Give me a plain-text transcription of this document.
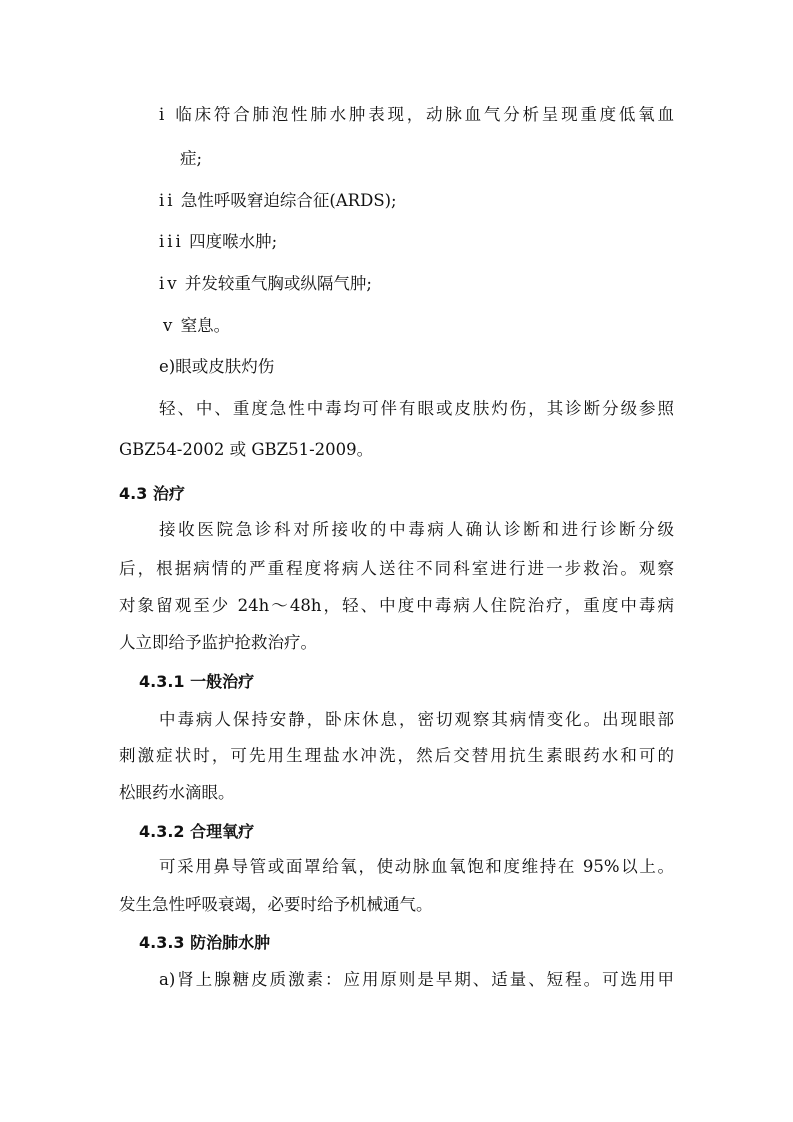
i 临床符合肺泡性肺水肿表现，动脉血气分析呈现重度低氧血
症;
ii 急性呼吸窘迫综合征(ARDS);
iii 四度喉水肿;
iv 并发较重气胸或纵隔气肿;
v 窒息。
e)眼或皮肤灼伤
轻、中、重度急性中毒均可伴有眼或皮肤灼伤，其诊断分级参照
GBZ54-2002 或 GBZ51-2009。
4.3 治疗
接收医院急诊科对所接收的中毒病人确认诊断和进行诊断分级
后，根据病情的严重程度将病人送往不同科室进行进一步救治。观察
对象留观至少 24h～48h，轻、中度中毒病人住院治疗，重度中毒病
人立即给予监护抢救治疗。
4.3.1 一般治疗
中毒病人保持安静，卧床休息，密切观察其病情变化。出现眼部
刺激症状时，可先用生理盐水冲洗，然后交替用抗生素眼药水和可的
松眼药水滴眼。
4.3.2 合理氧疗
可采用鼻导管或面罩给氧，使动脉血氧饱和度维持在 95%以上。
发生急性呼吸衰竭，必要时给予机械通气。
4.3.3 防治肺水肿
a)肾上腺糖皮质激素：应用原则是早期、适量、短程。可选用甲
